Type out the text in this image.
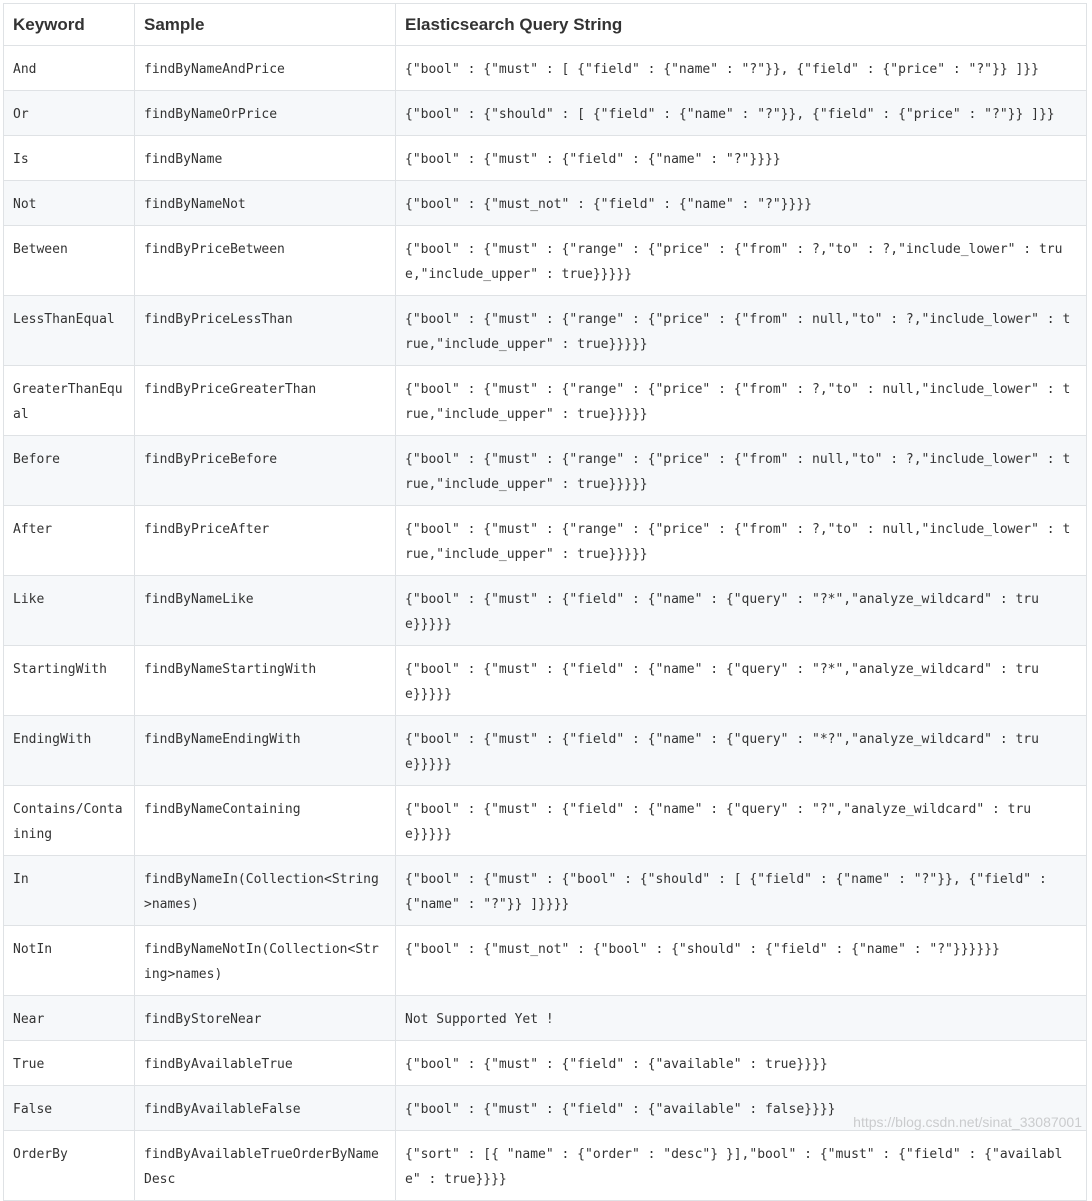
Keyword	Sample	Elasticsearch Query String
And	findByNameAndPrice	{"bool" : {"must" : [ {"field" : {"name" : "?"}}, {"field" : {"price" : "?"}} ]}}
Or	findByNameOrPrice	{"bool" : {"should" : [ {"field" : {"name" : "?"}}, {"field" : {"price" : "?"}} ]}}
Is	findByName	{"bool" : {"must" : {"field" : {"name" : "?"}}}}
Not	findByNameNot	{"bool" : {"must_not" : {"field" : {"name" : "?"}}}}
Between	findByPriceBetween	{"bool" : {"must" : {"range" : {"price" : {"from" : ?,"to" : ?,"include_lower" : true,"include_upper" : true}}}}}
LessThanEqual	findByPriceLessThan	{"bool" : {"must" : {"range" : {"price" : {"from" : null,"to" : ?,"include_lower" : true,"include_upper" : true}}}}}
GreaterThanEqual	findByPriceGreaterThan	{"bool" : {"must" : {"range" : {"price" : {"from" : ?,"to" : null,"include_lower" : true,"include_upper" : true}}}}}
Before	findByPriceBefore	{"bool" : {"must" : {"range" : {"price" : {"from" : null,"to" : ?,"include_lower" : true,"include_upper" : true}}}}}
After	findByPriceAfter	{"bool" : {"must" : {"range" : {"price" : {"from" : ?,"to" : null,"include_lower" : true,"include_upper" : true}}}}}
Like	findByNameLike	{"bool" : {"must" : {"field" : {"name" : {"query" : "?*","analyze_wildcard" : true}}}}}
StartingWith	findByNameStartingWith	{"bool" : {"must" : {"field" : {"name" : {"query" : "?*","analyze_wildcard" : true}}}}}
EndingWith	findByNameEndingWith	{"bool" : {"must" : {"field" : {"name" : {"query" : "*?","analyze_wildcard" : true}}}}}
Contains/Containing	findByNameContaining	{"bool" : {"must" : {"field" : {"name" : {"query" : "?","analyze_wildcard" : true}}}}}
In	findByNameIn(Collection<String>names)	{"bool" : {"must" : {"bool" : {"should" : [ {"field" : {"name" : "?"}}, {"field" : {"name" : "?"}} ]}}}}
NotIn	findByNameNotIn(Collection<String>names)	{"bool" : {"must_not" : {"bool" : {"should" : {"field" : {"name" : "?"}}}}}}
Near	findByStoreNear	Not Supported Yet !
True	findByAvailableTrue	{"bool" : {"must" : {"field" : {"available" : true}}}}
False	findByAvailableFalse	{"bool" : {"must" : {"field" : {"available" : false}}}}
OrderBy	findByAvailableTrueOrderByNameDesc	{"sort" : [{ "name" : {"order" : "desc"} }],"bool" : {"must" : {"field" : {"available" : true}}}}
https://blog.csdn.net/sinat_33087001
